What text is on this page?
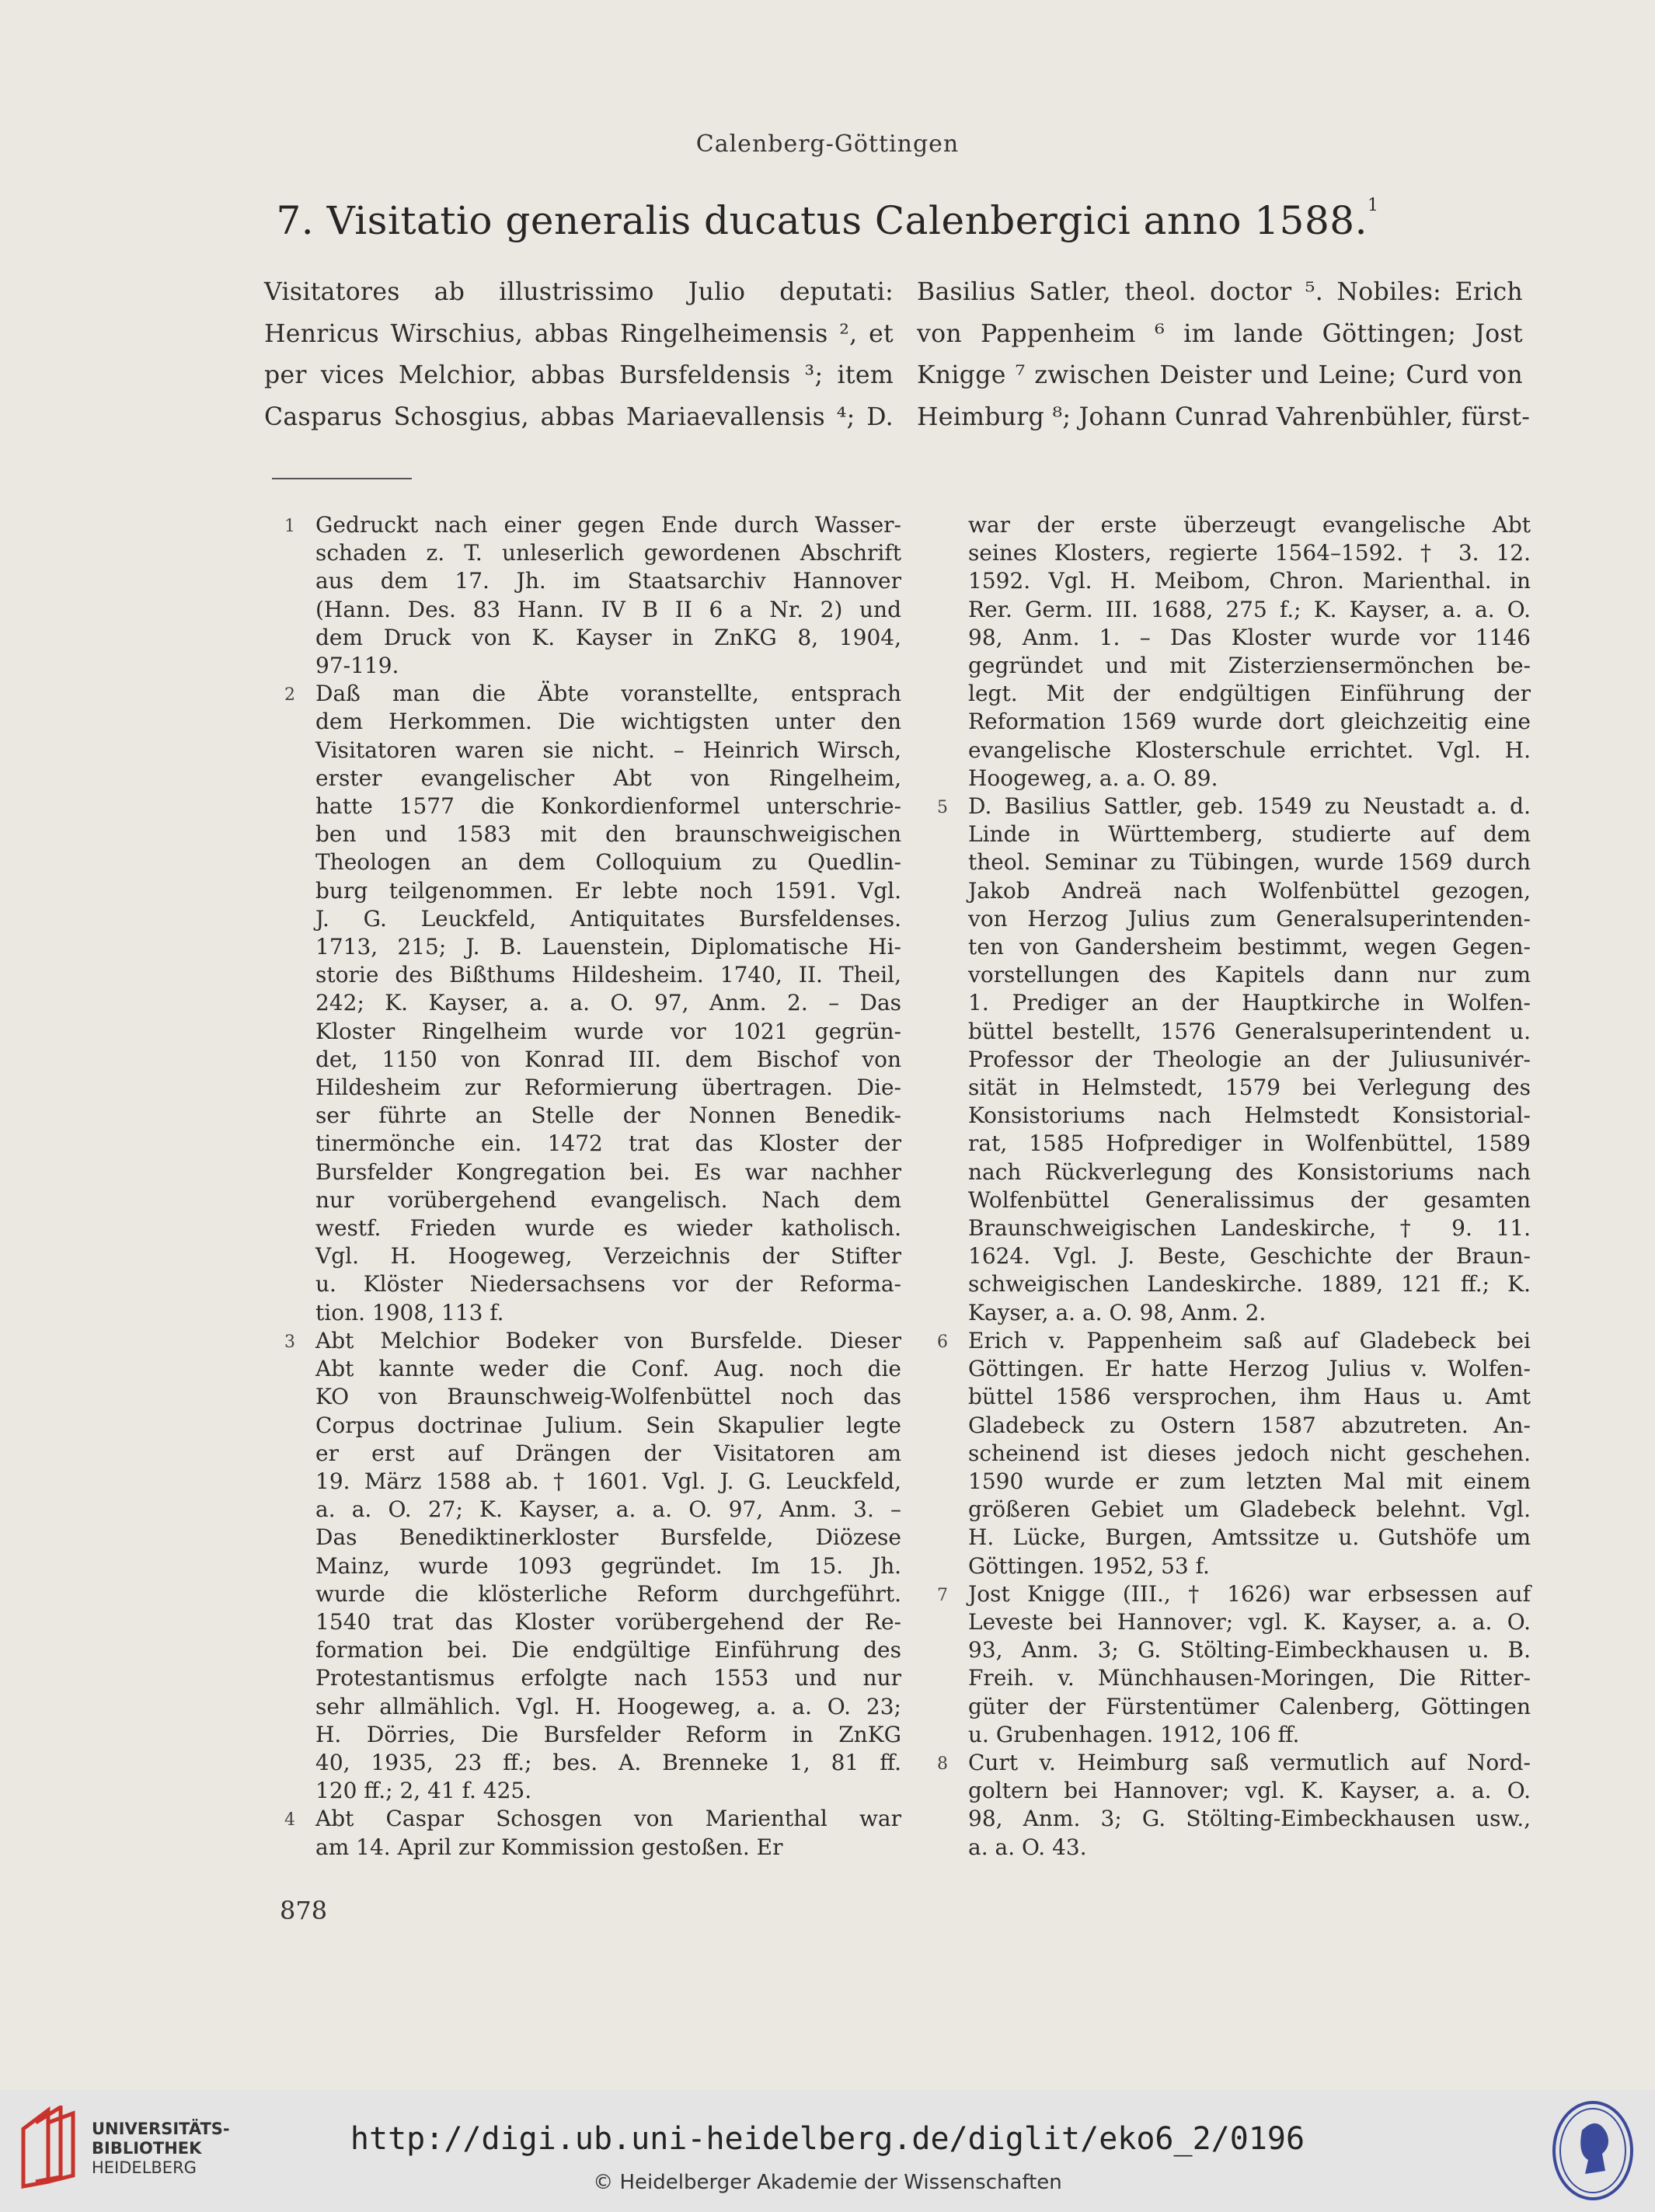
Calenberg-Göttingen
7. Visitatio generalis ducatus Calenbergici anno 1588.$^1$
Visitatores ab illustrissimo Julio deputati:
Henricus Wirschius, abbas Ringelheimensis ², et
per vices Melchior, abbas Bursfeldensis ³; item
Casparus Schosgius, abbas Mariaevallensis ⁴; D.
Basilius Satler, theol. doctor ⁵. Nobiles: Erich
von Pappenheim ⁶ im lande Göttingen; Jost
Knigge ⁷ zwischen Deister und Leine; Curd von
Heimburg ⁸; Johann Cunrad Vahrenbühler, fürst-
1 Gedruckt nach einer gegen Ende durch Wasser-
schaden z. T. unleserlich gewordenen Abschrift
aus dem 17. Jh. im Staatsarchiv Hannover
(Hann. Des. 83 Hann. IV B II 6 a Nr. 2) und
dem Druck von K. Kayser in ZnKG 8, 1904,
97-119.
2 Daß man die Äbte voranstellte, entsprach
dem Herkommen. Die wichtigsten unter den
Visitatoren waren sie nicht. – Heinrich Wirsch,
erster evangelischer Abt von Ringelheim,
hatte 1577 die Konkordienformel unterschrie-
ben und 1583 mit den braunschweigischen
Theologen an dem Colloquium zu Quedlin-
burg teilgenommen. Er lebte noch 1591. Vgl.
J. G. Leuckfeld, Antiquitates Bursfeldenses.
1713, 215; J. B. Lauenstein, Diplomatische Hi-
storie des Bißthums Hildesheim. 1740, II. Theil,
242; K. Kayser, a. a. O. 97, Anm. 2. – Das
Kloster Ringelheim wurde vor 1021 gegrün-
det, 1150 von Konrad III. dem Bischof von
Hildesheim zur Reformierung übertragen. Die-
ser führte an Stelle der Nonnen Benedik-
tinermönche ein. 1472 trat das Kloster der
Bursfelder Kongregation bei. Es war nachher
nur vorübergehend evangelisch. Nach dem
westf. Frieden wurde es wieder katholisch.
Vgl. H. Hoogeweg, Verzeichnis der Stifter
u. Klöster Niedersachsens vor der Reforma-
tion. 1908, 113 f.
3 Abt Melchior Bodeker von Bursfelde. Dieser
Abt kannte weder die Conf. Aug. noch die
KO von Braunschweig-Wolfenbüttel noch das
Corpus doctrinae Julium. Sein Skapulier legte
er erst auf Drängen der Visitatoren am
19. März 1588 ab. † 1601. Vgl. J. G. Leuckfeld,
a. a. O. 27; K. Kayser, a. a. O. 97, Anm. 3. –
Das Benediktinerkloster Bursfelde, Diözese
Mainz, wurde 1093 gegründet. Im 15. Jh.
wurde die klösterliche Reform durchgeführt.
1540 trat das Kloster vorübergehend der Re-
formation bei. Die endgültige Einführung des
Protestantismus erfolgte nach 1553 und nur
sehr allmählich. Vgl. H. Hoogeweg, a. a. O. 23;
H. Dörries, Die Bursfelder Reform in ZnKG
40, 1935, 23 ff.; bes. A. Brenneke 1, 81 ff.
120 ff.; 2, 41 f. 425.
4 Abt Caspar Schosgen von Marienthal war
am 14. April zur Kommission gestoßen. Er
war der erste überzeugt evangelische Abt
seines Klosters, regierte 1564–1592. † 3. 12.
1592. Vgl. H. Meibom, Chron. Marienthal. in
Rer. Germ. III. 1688, 275 f.; K. Kayser, a. a. O.
98, Anm. 1. – Das Kloster wurde vor 1146
gegründet und mit Zisterziensermönchen be-
legt. Mit der endgültigen Einführung der
Reformation 1569 wurde dort gleichzeitig eine
evangelische Klosterschule errichtet. Vgl. H.
Hoogeweg, a. a. O. 89.
5 D. Basilius Sattler, geb. 1549 zu Neustadt a. d.
Linde in Württemberg, studierte auf dem
theol. Seminar zu Tübingen, wurde 1569 durch
Jakob Andreä nach Wolfenbüttel gezogen,
von Herzog Julius zum Generalsuperintenden-
ten von Gandersheim bestimmt, wegen Gegen-
vorstellungen des Kapitels dann nur zum
1. Prediger an der Hauptkirche in Wolfen-
büttel bestellt, 1576 Generalsuperintendent u.
Professor der Theologie an der Juliusunivér-
sität in Helmstedt, 1579 bei Verlegung des
Konsistoriums nach Helmstedt Konsistorial-
rat, 1585 Hofprediger in Wolfenbüttel, 1589
nach Rückverlegung des Konsistoriums nach
Wolfenbüttel Generalissimus der gesamten
Braunschweigischen Landeskirche, † 9. 11.
1624. Vgl. J. Beste, Geschichte der Braun-
schweigischen Landeskirche. 1889, 121 ff.; K.
Kayser, a. a. O. 98, Anm. 2.
6 Erich v. Pappenheim saß auf Gladebeck bei
Göttingen. Er hatte Herzog Julius v. Wolfen-
büttel 1586 versprochen, ihm Haus u. Amt
Gladebeck zu Ostern 1587 abzutreten. An-
scheinend ist dieses jedoch nicht geschehen.
1590 wurde er zum letzten Mal mit einem
größeren Gebiet um Gladebeck belehnt. Vgl.
H. Lücke, Burgen, Amtssitze u. Gutshöfe um
Göttingen. 1952, 53 f.
7 Jost Knigge (III., † 1626) war erbsessen auf
Leveste bei Hannover; vgl. K. Kayser, a. a. O.
93, Anm. 3; G. Stölting-Eimbeckhausen u. B.
Freih. v. Münchhausen-Moringen, Die Ritter-
güter der Fürstentümer Calenberg, Göttingen
u. Grubenhagen. 1912, 106 ff.
8 Curt v. Heimburg saß vermutlich auf Nord-
goltern bei Hannover; vgl. K. Kayser, a. a. O.
98, Anm. 3; G. Stölting-Eimbeckhausen usw.,
a. a. O. 43.
878
UNIVERSITÄTS-
BIBLIOTHEK
HEIDELBERG
http://digi.ub.uni-heidelberg.de/diglit/eko6_2/0196
© Heidelberger Akademie der Wissenschaften
